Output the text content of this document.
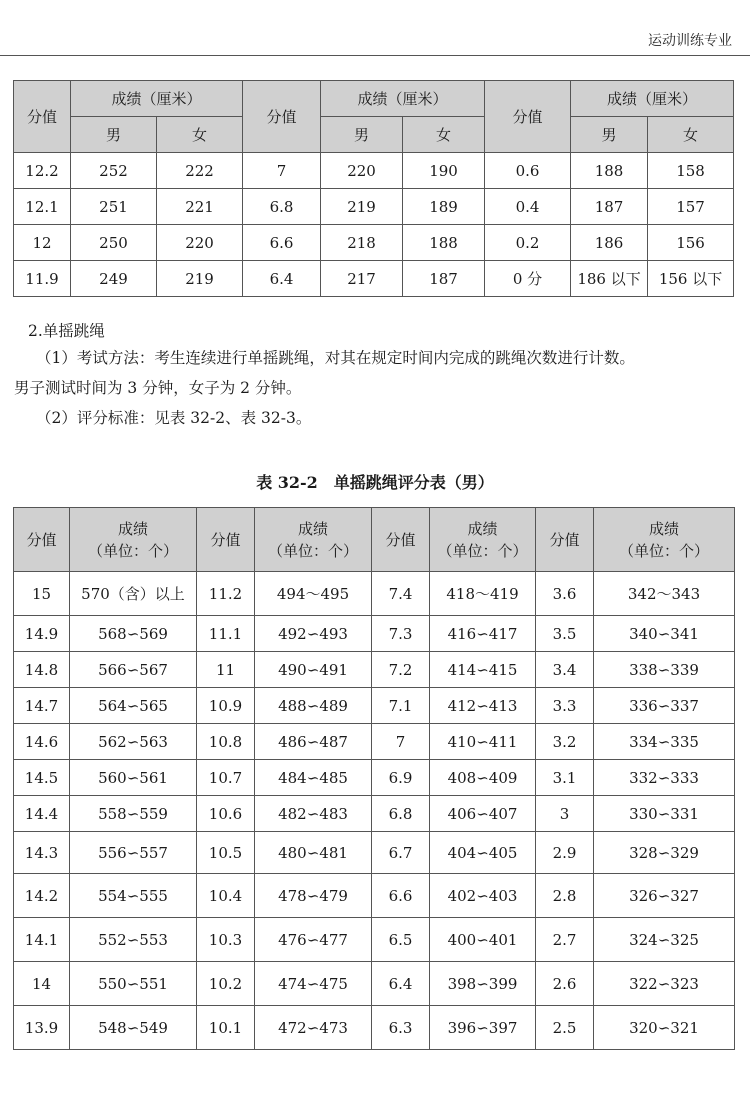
运动训练专业
分值	成绩（厘米）		分值	成绩（厘米）		分值	成绩（厘米）	
	男	女		男	女		男	女
12.2	252	222	7	220	190	0.6	188	158
12.1	251	221	6.8	219	189	0.4	187	157
12	250	220	6.6	218	188	0.2	186	156
11.9	249	219	6.4	217	187	0 分	186 以下	156 以下
2.单摇跳绳
（1）考试方法：考生连续进行单摇跳绳，对其在规定时间内完成的跳绳次数进行计数。
男子测试时间为 3 分钟，女子为 2 分钟。
（2）评分标准：见表 32-2、表 32-3。
表 32-2　单摇跳绳评分表（男）
分值	成绩
（单位：个）	分值	成绩
（单位：个）	分值	成绩
（单位：个）	分值	成绩
（单位：个）
15	570（含）以上	11.2	494～495	7.4	418～419	3.6	342～343
14.9	568∽569	11.1	492∽493	7.3	416∽417	3.5	340∽341
14.8	566∽567	11	490∽491	7.2	414∽415	3.4	338∽339
14.7	564∽565	10.9	488∽489	7.1	412∽413	3.3	336∽337
14.6	562∽563	10.8	486∽487	7	410∽411	3.2	334∽335
14.5	560∽561	10.7	484∽485	6.9	408∽409	3.1	332∽333
14.4	558∽559	10.6	482∽483	6.8	406∽407	3	330∽331
14.3	556∽557	10.5	480∽481	6.7	404∽405	2.9	328∽329
14.2	554∽555	10.4	478∽479	6.6	402∽403	2.8	326∽327
14.1	552∽553	10.3	476∽477	6.5	400∽401	2.7	324∽325
14	550∽551	10.2	474∽475	6.4	398∽399	2.6	322∽323
13.9	548∽549	10.1	472∽473	6.3	396∽397	2.5	320∽321
